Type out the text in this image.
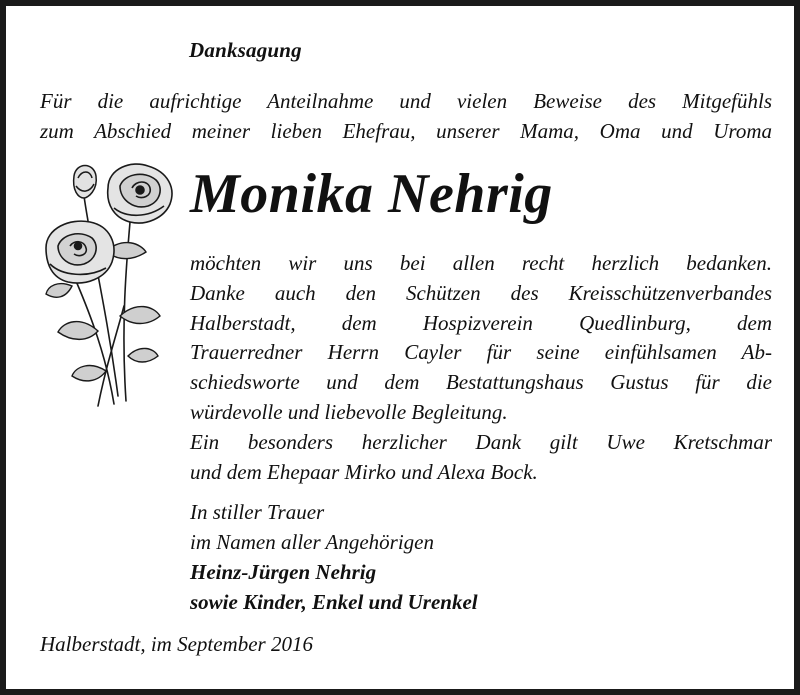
Danksagung

Für die aufrichtige Anteilnahme und vielen Beweise des Mitgefühls
zum Abschied meiner lieben Ehefrau, unserer Mama, Oma und Uroma

Monika Nehrig

möchten wir uns bei allen recht herzlich bedanken.
Danke auch den Schützen des Kreisschützenverbandes
Halberstadt, dem Hospizverein Quedlinburg, dem
Trauerredner Herrn Cayler für seine einfühlsamen Ab-
schiedsworte und dem Bestattungshaus Gustus für die
würdevolle und liebevolle Begleitung.
Ein besonders herzlicher Dank gilt Uwe Kretschmar
und dem Ehepaar Mirko und Alexa Bock.

In stiller Trauer
im Namen aller Angehörigen
Heinz-Jürgen Nehrig
sowie Kinder, Enkel und Urenkel

Halberstadt, im September 2016
